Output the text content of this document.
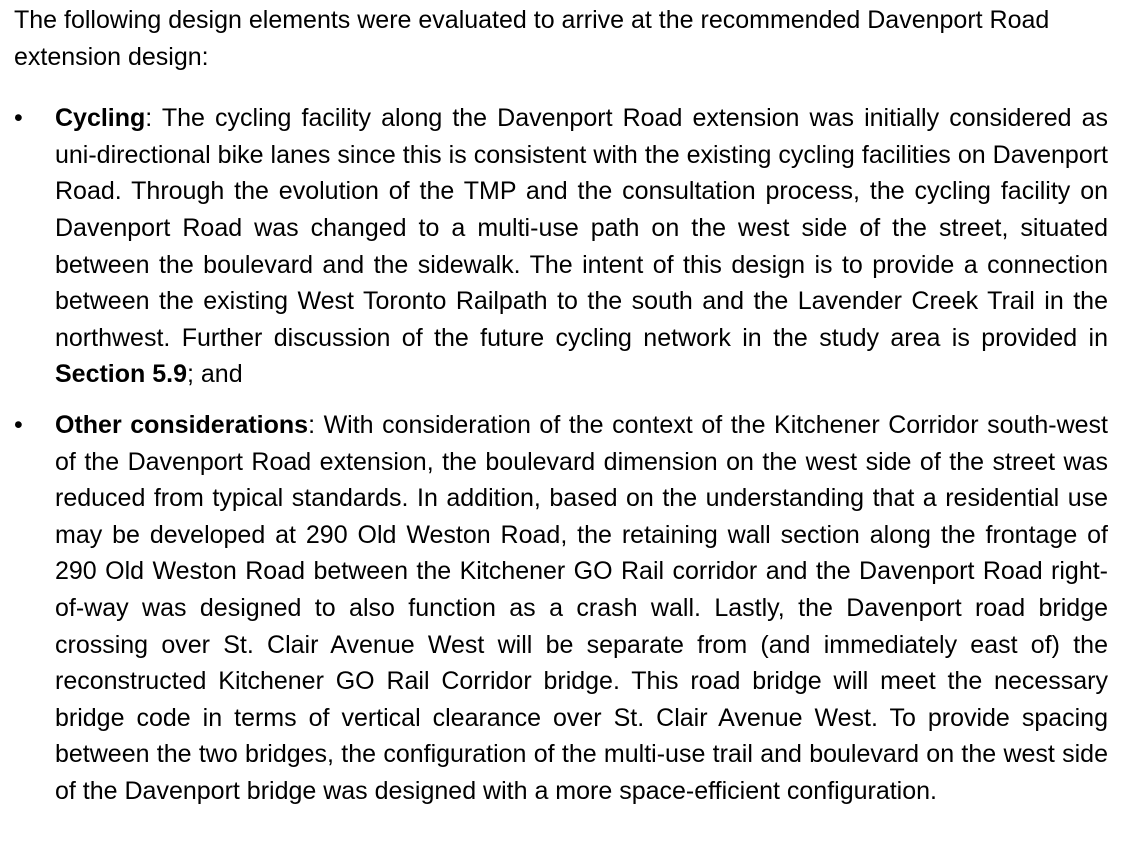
The following design elements were evaluated to arrive at the recommended Davenport Road extension design:

•	Cycling: The cycling facility along the Davenport Road extension was initially considered as uni-directional bike lanes since this is consistent with the existing cycling facilities on Davenport Road. Through the evolution of the TMP and the consultation process, the cycling facility on Davenport Road was changed to a multi-use path on the west side of the street, situated between the boulevard and the sidewalk. The intent of this design is to provide a connection between the existing West Toronto Railpath to the south and the Lavender Creek Trail in the northwest. Further discussion of the future cycling network in the study area is provided in Section 5.9; and
•	Other considerations: With consideration of the context of the Kitchener Corridor south-west of the Davenport Road extension, the boulevard dimension on the west side of the street was reduced from typical standards. In addition, based on the understanding that a residential use may be developed at 290 Old Weston Road, the retaining wall section along the frontage of 290 Old Weston Road between the Kitchener GO Rail corridor and the Davenport Road right-of-way was designed to also function as a crash wall. Lastly, the Davenport road bridge crossing over St. Clair Avenue West will be separate from (and immediately east of) the reconstructed Kitchener GO Rail Corridor bridge. This road bridge will meet the necessary bridge code in terms of vertical clearance over St. Clair Avenue West. To provide spacing between the two bridges, the configuration of the multi-use trail and boulevard on the west side of the Davenport bridge was designed with a more space-efficient configuration.
